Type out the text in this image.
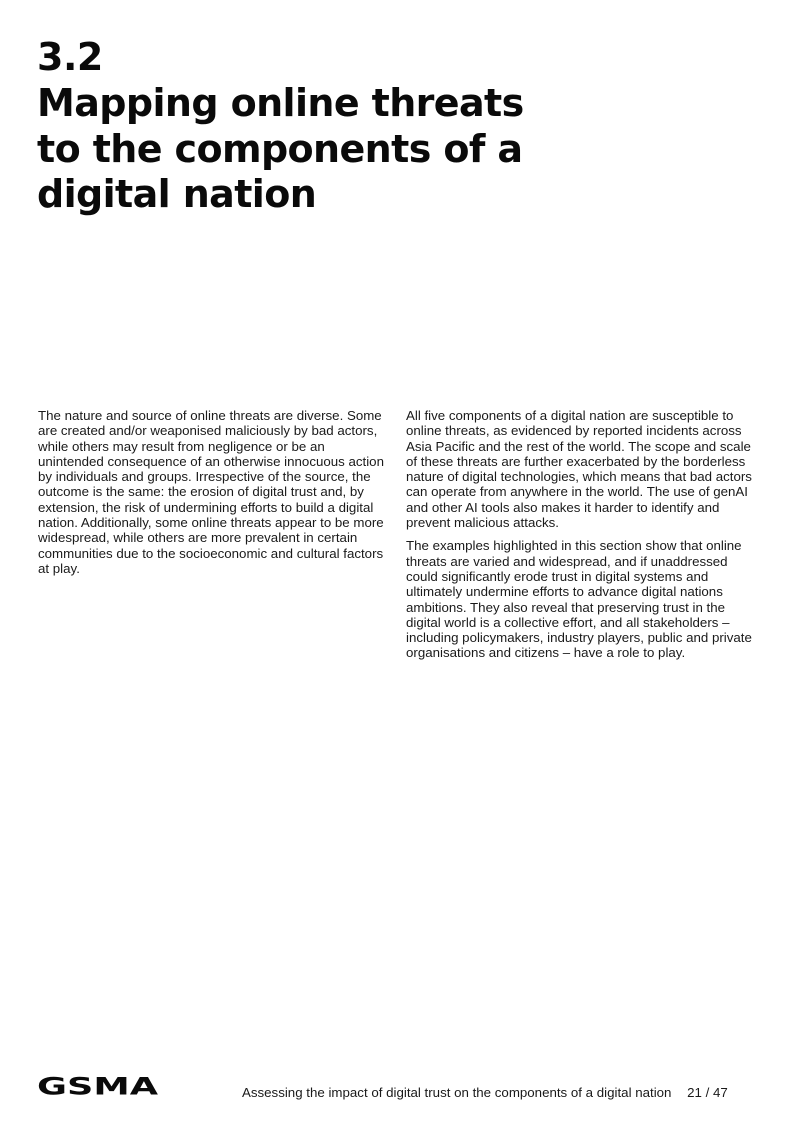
3.2
Mapping online threats
to the components of a
digital nation

The nature and source of online threats are diverse. Some are created and/or weaponised maliciously by bad actors, while others may result from negligence or be an unintended consequence of an otherwise innocuous action by individuals and groups. Irrespective of the source, the outcome is the same: the erosion of digital trust and, by extension, the risk of undermining efforts to build a digital nation. Additionally, some online threats appear to be more widespread, while others are more prevalent in certain communities due to the socioeconomic and cultural factors at play.

All five components of a digital nation are susceptible to online threats, as evidenced by reported incidents across Asia Pacific and the rest of the world. The scope and scale of these threats are further exacerbated by the borderless nature of digital technologies, which means that bad actors can operate from anywhere in the world. The use of genAI and other AI tools also makes it harder to identify and prevent malicious attacks.

The examples highlighted in this section show that online threats are varied and widespread, and if unaddressed could significantly erode trust in digital systems and ultimately undermine efforts to advance digital nations ambitions. They also reveal that preserving trust in the digital world is a collective effort, and all stakeholders – including policymakers, industry players, public and private organisations and citizens – have a role to play.

GSMA	Assessing the impact of digital trust on the components of a digital nation 21 / 47
